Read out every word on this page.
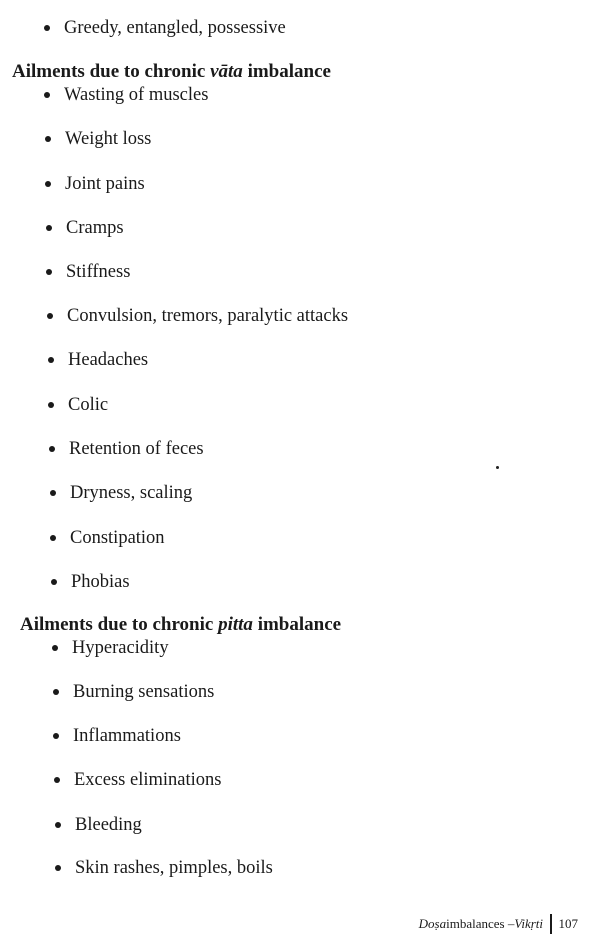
Greedy, entangled, possessive
Ailments due to chronic vāta imbalance
Wasting of muscles
Weight loss
Joint pains
Cramps
Stiffness
Convulsion, tremors, paralytic attacks
Headaches
Colic
Retention of feces
Dryness, scaling
Constipation
Phobias
Ailments due to chronic pitta imbalance
Hyperacidity
Burning sensations
Inflammations
Excess eliminations
Bleeding
Skin rashes, pimples, boils
Doṣa imbalances – Vikṛti 107
